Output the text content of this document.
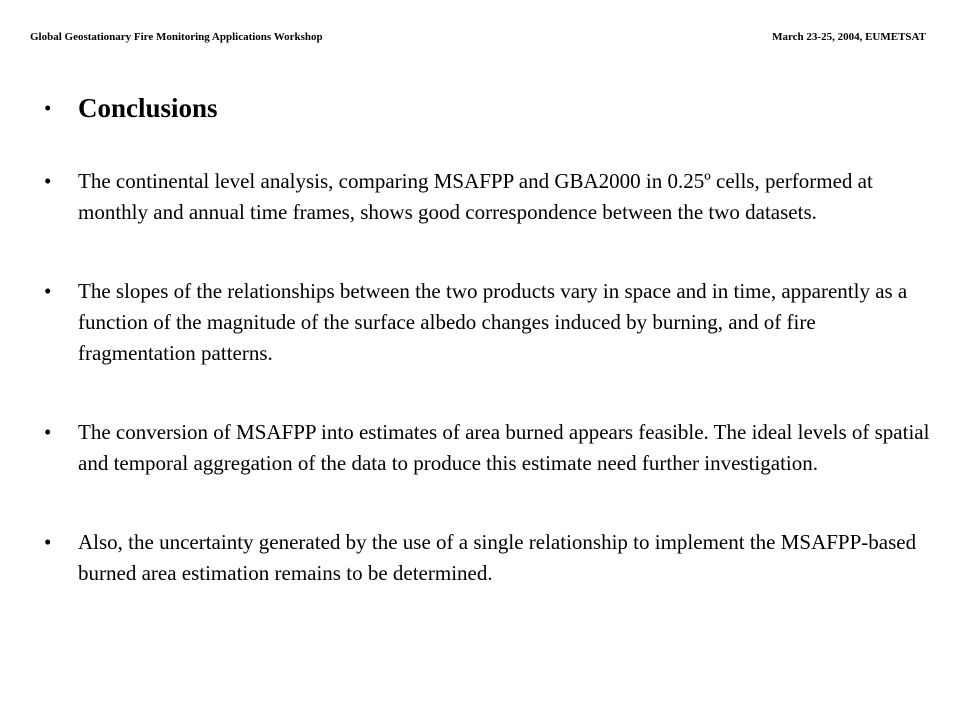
Global Geostationary Fire Monitoring Applications Workshop	March 23-25, 2004, EUMETSAT
• Conclusions
• The continental level analysis, comparing MSAFPP and GBA2000 in 0.25º cells, performed at monthly and annual time frames, shows good correspondence between the two datasets.
• The slopes of the relationships between the two products vary in space and in time, apparently as a function of the magnitude of the surface albedo changes induced by burning, and of fire fragmentation patterns.
• The conversion of MSAFPP into estimates of area burned appears feasible. The ideal levels of spatial and temporal aggregation of the data to produce this estimate need further investigation.
• Also, the uncertainty generated by the use of a single relationship to implement the MSAFPP-based burned area estimation remains to be determined.
